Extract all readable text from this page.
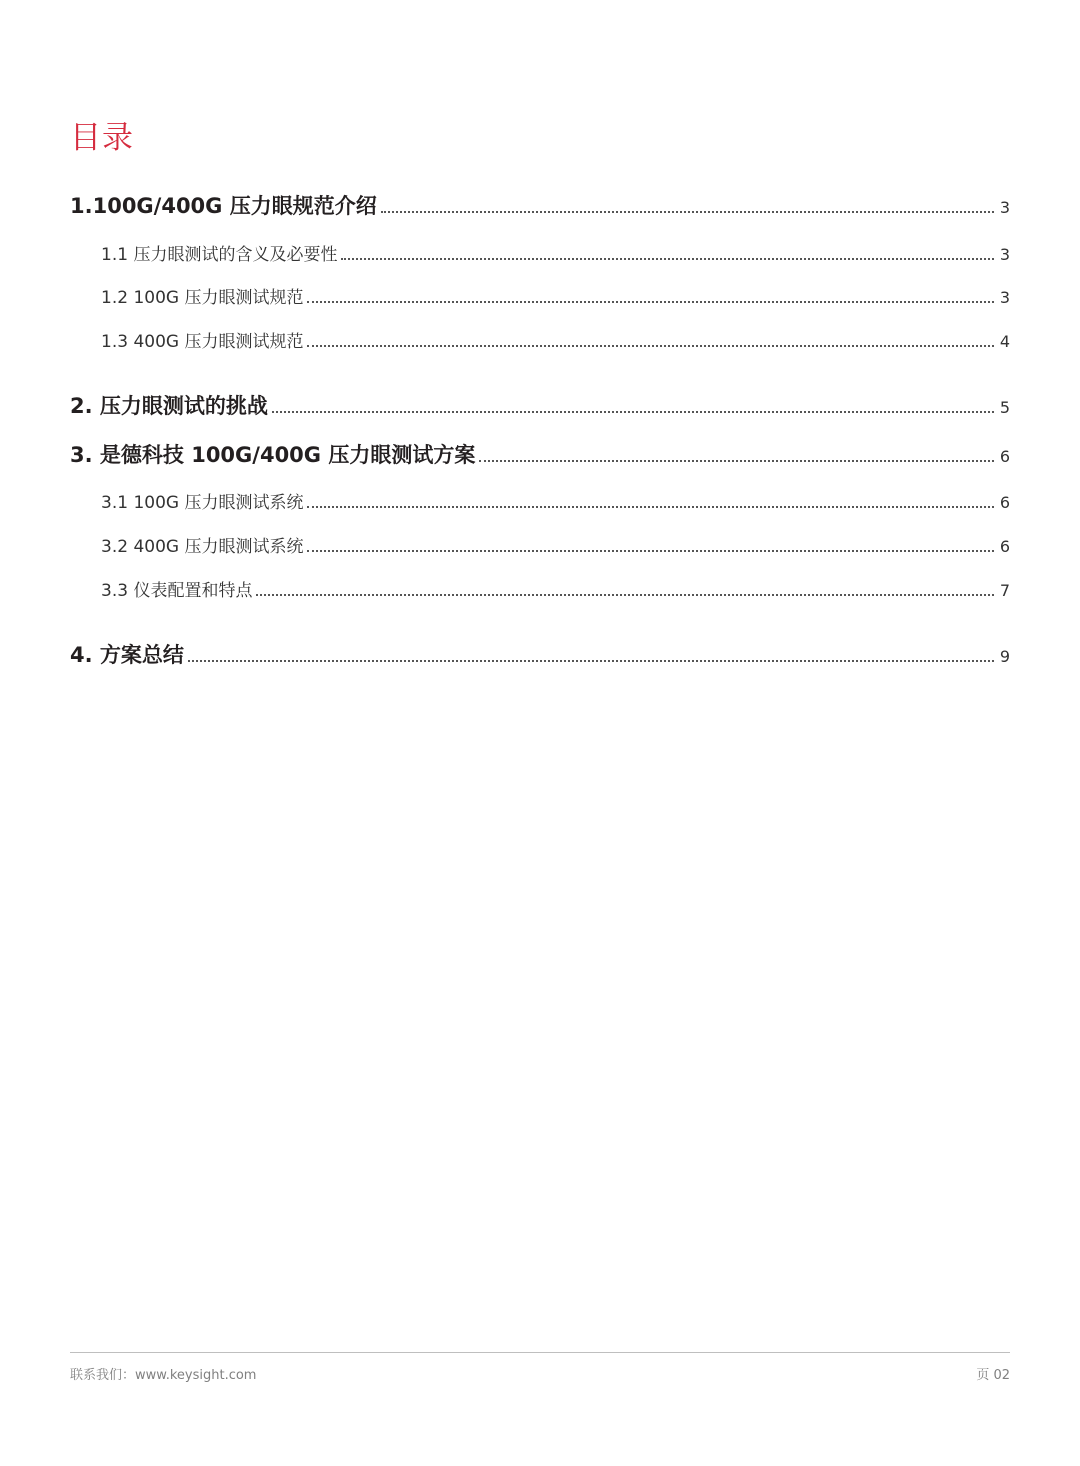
目录
1.100G/400G 压力眼规范介绍	3
1.1 压力眼测试的含义及必要性	3
1.2 100G 压力眼测试规范	3
1.3 400G 压力眼测试规范	4
2. 压力眼测试的挑战	5
3. 是德科技 100G/400G 压力眼测试方案	6
3.1 100G 压力眼测试系统	6
3.2 400G 压力眼测试系统	6
3.3 仪表配置和特点	7
4. 方案总结	9
联系我们：www.keysight.com	页 02
